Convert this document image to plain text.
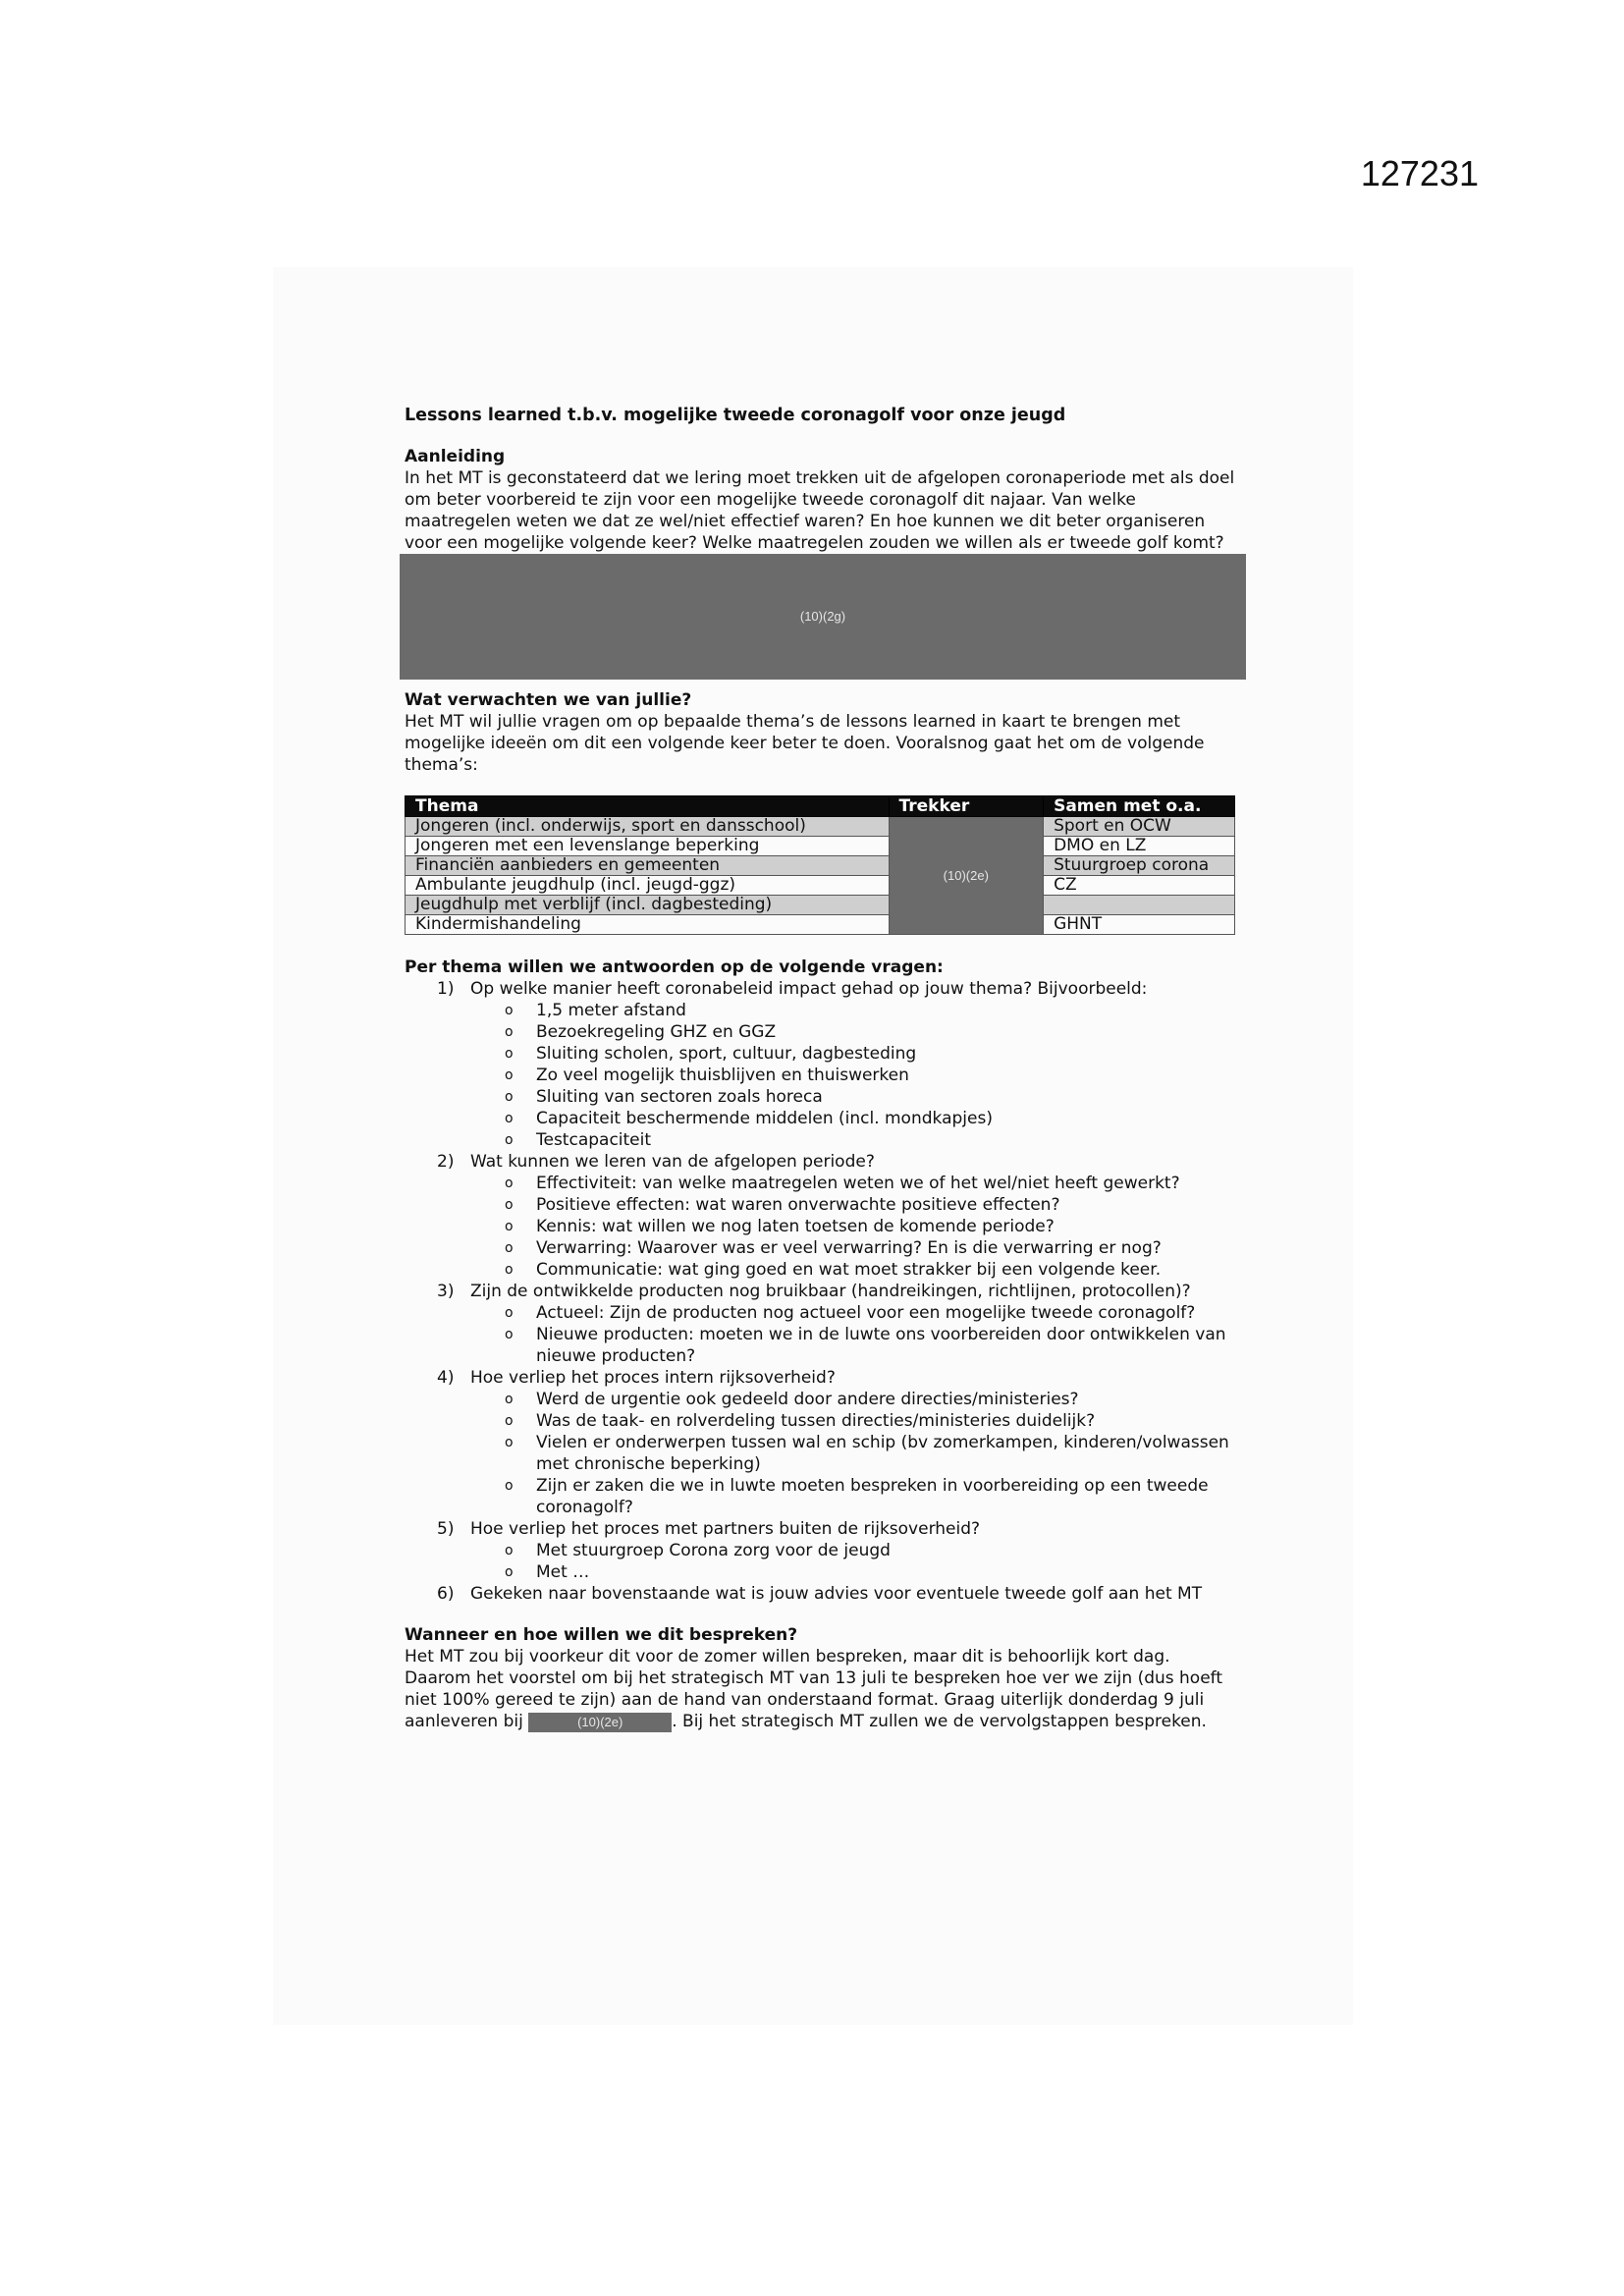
127231

Lessons learned t.b.v. mogelijke tweede coronagolf voor onze jeugd

Aanleiding

In het MT is geconstateerd dat we lering moet trekken uit de afgelopen coronaperiode met als doel om beter voorbereid te zijn voor een mogelijke tweede coronagolf dit najaar. Van welke maatregelen weten we dat ze wel/niet effectief waren? En hoe kunnen we dit beter organiseren voor een mogelijke volgende keer? Welke maatregelen zouden we willen als er tweede golf komt?

(10)(2g)

Wat verwachten we van jullie?

Het MT wil jullie vragen om op bepaalde thema’s de lessons learned in kaart te brengen met mogelijke ideeën om dit een volgende keer beter te doen. Vooralsnog gaat het om de volgende thema’s:

Thema	Trekker	Samen met o.a.
Jongeren (incl. onderwijs, sport en dansschool)	(10)(2e)	Sport en OCW
Jongeren met een levenslange beperking		DMO en LZ
Financiën aanbieders en gemeenten		Stuurgroep corona
Ambulante jeugdhulp (incl. jeugd-ggz)		CZ
Jeugdhulp met verblijf (incl. dagbesteding)		
Kindermishandeling		GHNT

Per thema willen we antwoorden op de volgende vragen:

1) Op welke manier heeft coronabeleid impact gehad op jouw thema? Bijvoorbeeld:
o 1,5 meter afstand
o Bezoekregeling GHZ en GGZ
o Sluiting scholen, sport, cultuur, dagbesteding
o Zo veel mogelijk thuisblijven en thuiswerken
o Sluiting van sectoren zoals horeca
o Capaciteit beschermende middelen (incl. mondkapjes)
o Testcapaciteit
2) Wat kunnen we leren van de afgelopen periode?
o Effectiviteit: van welke maatregelen weten we of het wel/niet heeft gewerkt?
o Positieve effecten: wat waren onverwachte positieve effecten?
o Kennis: wat willen we nog laten toetsen de komende periode?
o Verwarring: Waarover was er veel verwarring? En is die verwarring er nog?
o Communicatie: wat ging goed en wat moet strakker bij een volgende keer.
3) Zijn de ontwikkelde producten nog bruikbaar (handreikingen, richtlijnen, protocollen)?
o Actueel: Zijn de producten nog actueel voor een mogelijke tweede coronagolf?
o Nieuwe producten: moeten we in de luwte ons voorbereiden door ontwikkelen van nieuwe producten?
4) Hoe verliep het proces intern rijksoverheid?
o Werd de urgentie ook gedeeld door andere directies/ministeries?
o Was de taak- en rolverdeling tussen directies/ministeries duidelijk?
o Vielen er onderwerpen tussen wal en schip (bv zomerkampen, kinderen/volwassen met chronische beperking)
o Zijn er zaken die we in luwte moeten bespreken in voorbereiding op een tweede coronagolf?
5) Hoe verliep het proces met partners buiten de rijksoverheid?
o Met stuurgroep Corona zorg voor de jeugd
o Met …
6) Gekeken naar bovenstaande wat is jouw advies voor eventuele tweede golf aan het MT

Wanneer en hoe willen we dit bespreken?

Het MT zou bij voorkeur dit voor de zomer willen bespreken, maar dit is behoorlijk kort dag. Daarom het voorstel om bij het strategisch MT van 13 juli te bespreken hoe ver we zijn (dus hoeft niet 100% gereed te zijn) aan de hand van onderstaand format. Graag uiterlijk donderdag 9 juli aanleveren bij	(10)(2e)	. Bij het strategisch MT zullen we de vervolgstappen bespreken.
